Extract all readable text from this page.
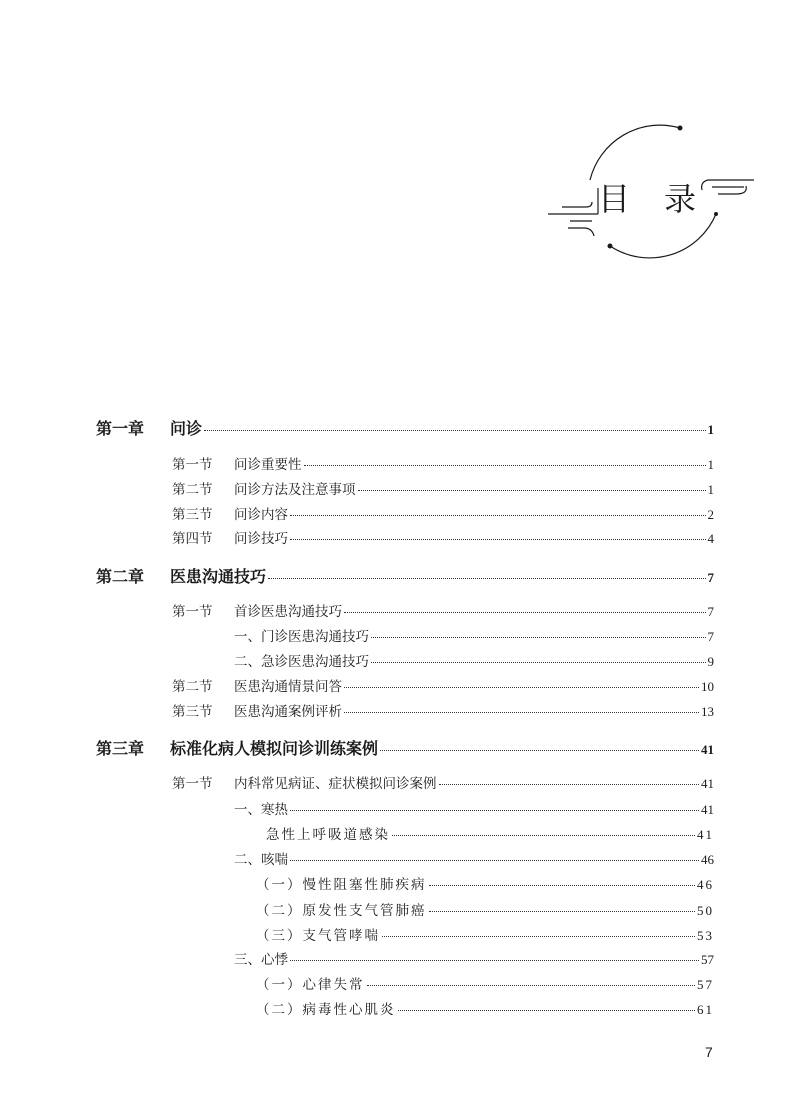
目 录
第一章	问诊	1
第一节	问诊重要性	1
第二节	问诊方法及注意事项	1
第三节	问诊内容	2
第四节	问诊技巧	4
第二章	医患沟通技巧	7
第一节	首诊医患沟通技巧	7
一、门诊医患沟通技巧	7
二、急诊医患沟通技巧	9
第二节	医患沟通情景问答	10
第三节	医患沟通案例评析	13
第三章	标准化病人模拟问诊训练案例	41
第一节	内科常见病证、症状模拟问诊案例	41
一、寒热	41
急性上呼吸道感染	41
二、咳喘	46
（一）慢性阻塞性肺疾病	46
（二）原发性支气管肺癌	50
（三）支气管哮喘	53
三、心悸	57
（一）心律失常	57
（二）病毒性心肌炎	61
7
